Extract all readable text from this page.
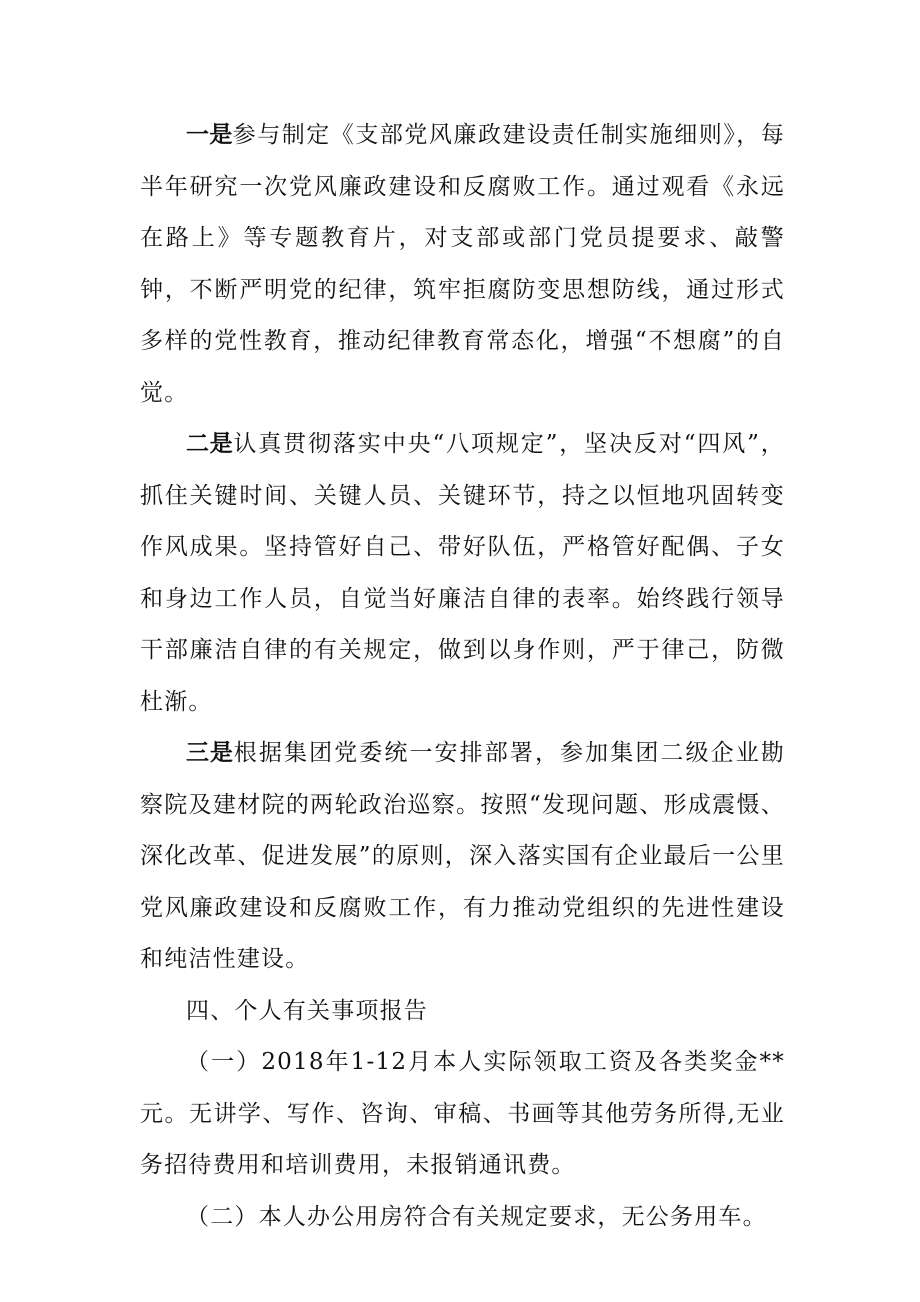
一是参与制定《支部党风廉政建设责任制实施细则》，每半年研究一次党风廉政建设和反腐败工作。通过观看《永远在路上》等专题教育片，对支部或部门党员提要求、敲警钟，不断严明党的纪律，筑牢拒腐防变思想防线，通过形式多样的党性教育，推动纪律教育常态化，增强“不想腐”的自觉。

二是认真贯彻落实中央“八项规定”，坚决反对“四风”，抓住关键时间、关键人员、关键环节，持之以恒地巩固转变作风成果。坚持管好自己、带好队伍，严格管好配偶、子女和身边工作人员，自觉当好廉洁自律的表率。始终践行领导干部廉洁自律的有关规定，做到以身作则，严于律己，防微杜渐。

三是根据集团党委统一安排部署，参加集团二级企业勘察院及建材院的两轮政治巡察。按照“发现问题、形成震慑、深化改革、促进发展”的原则，深入落实国有企业最后一公里党风廉政建设和反腐败工作，有力推动党组织的先进性建设和纯洁性建设。

四、个人有关事项报告

（一）2018年1-12月本人实际领取工资及各类奖金**元。无讲学、写作、咨询、审稿、书画等其他劳务所得,无业务招待费用和培训费用，未报销通讯费。

（二）本人办公用房符合有关规定要求，无公务用车。
